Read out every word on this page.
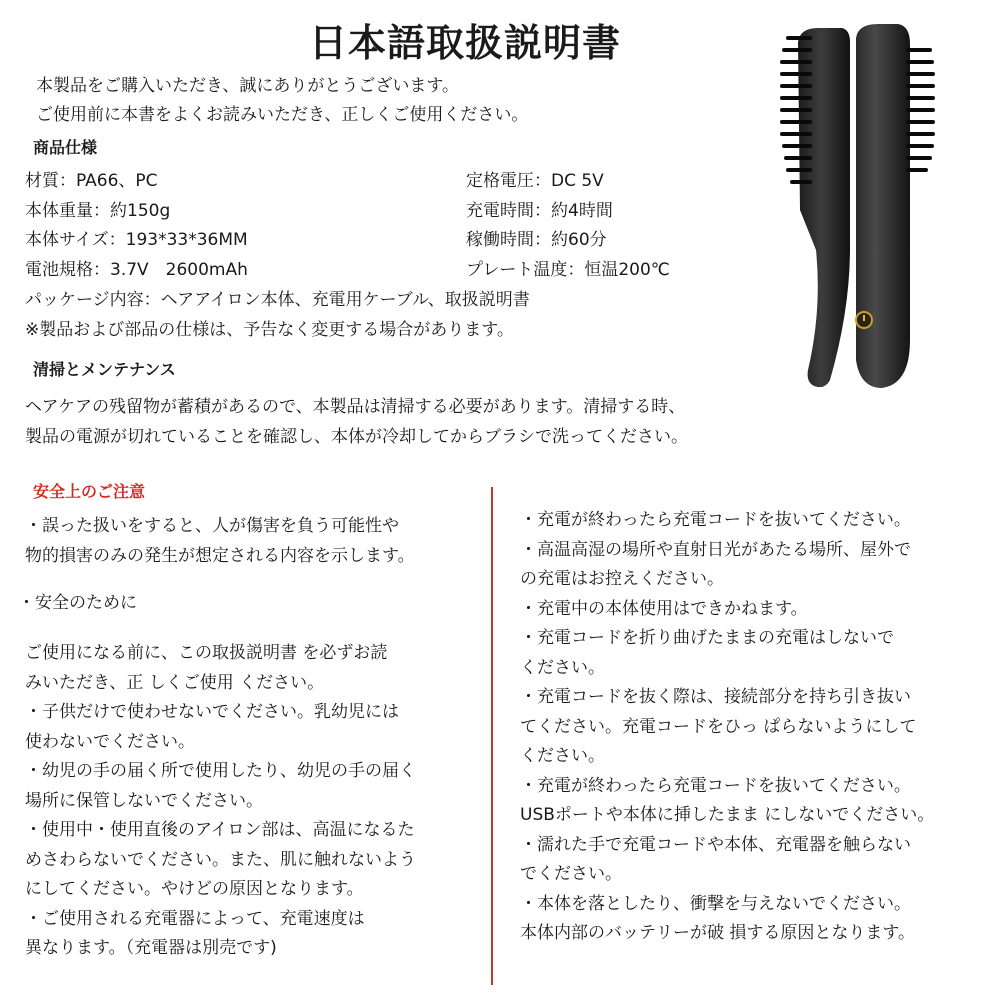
日本語取扱説明書
本製品をご購入いただき、誠にありがとうございます。
ご使用前に本書をよくお読みいただき、正しくご使用ください。
商品仕様
材質：PA66、PC
本体重量：約150g
本体サイズ：193*33*36MM
電池規格：3.7V　2600mAh
定格電圧：DC 5V
充電時間：約4時間
稼働時間：約60分
プレート温度：恒温200℃
パッケージ内容：ヘアアイロン本体、充電用ケーブル、取扱説明書
※製品および部品の仕様は、予告なく変更する場合があります。
清掃とメンテナンス
ヘアケアの残留物が蓄積があるので、本製品は清掃する必要があります。清掃する時、
製品の電源が切れていることを確認し、本体が冷却してからブラシで洗ってください。
安全上のご注意
・誤った扱いをすると、人が傷害を負う可能性や
物的損害のみの発生が想定される内容を示します。
・安全のために
ご使用になる前に、この取扱説明書 を必ずお読
みいただき、正 しくご使用 ください。
・子供だけで使わせないでください。乳幼児には
使わないでください。
・幼児の手の届く所で使用したり、幼児の手の届く
場所に保管しないでください。
・使用中・使用直後のアイロン部は、高温になるた
めさわらないでください。また、肌に触れないよう
にしてください。やけどの原因となります。
・ご使用される充電器によって、充電速度は
異なります。（充電器は別売です)
・充電が終わったら充電コードを抜いてください。
・高温高湿の場所や直射日光があたる場所、屋外で
の充電はお控えください。
・充電中の本体使用はできかねます。
・充電コードを折り曲げたままの充電はしないで
ください。
・充電コードを抜く際は、接続部分を持ち引き抜い
てください。充電コードをひっ ぱらないようにして
ください。
・充電が終わったら充電コードを抜いてください。
USBポートや本体に挿したまま にしないでください。
・濡れた手で充電コードや本体、充電器を触らない
でください。
・本体を落としたり、衝撃を与えないでください。
本体内部のバッテリーが破 損する原因となります。
